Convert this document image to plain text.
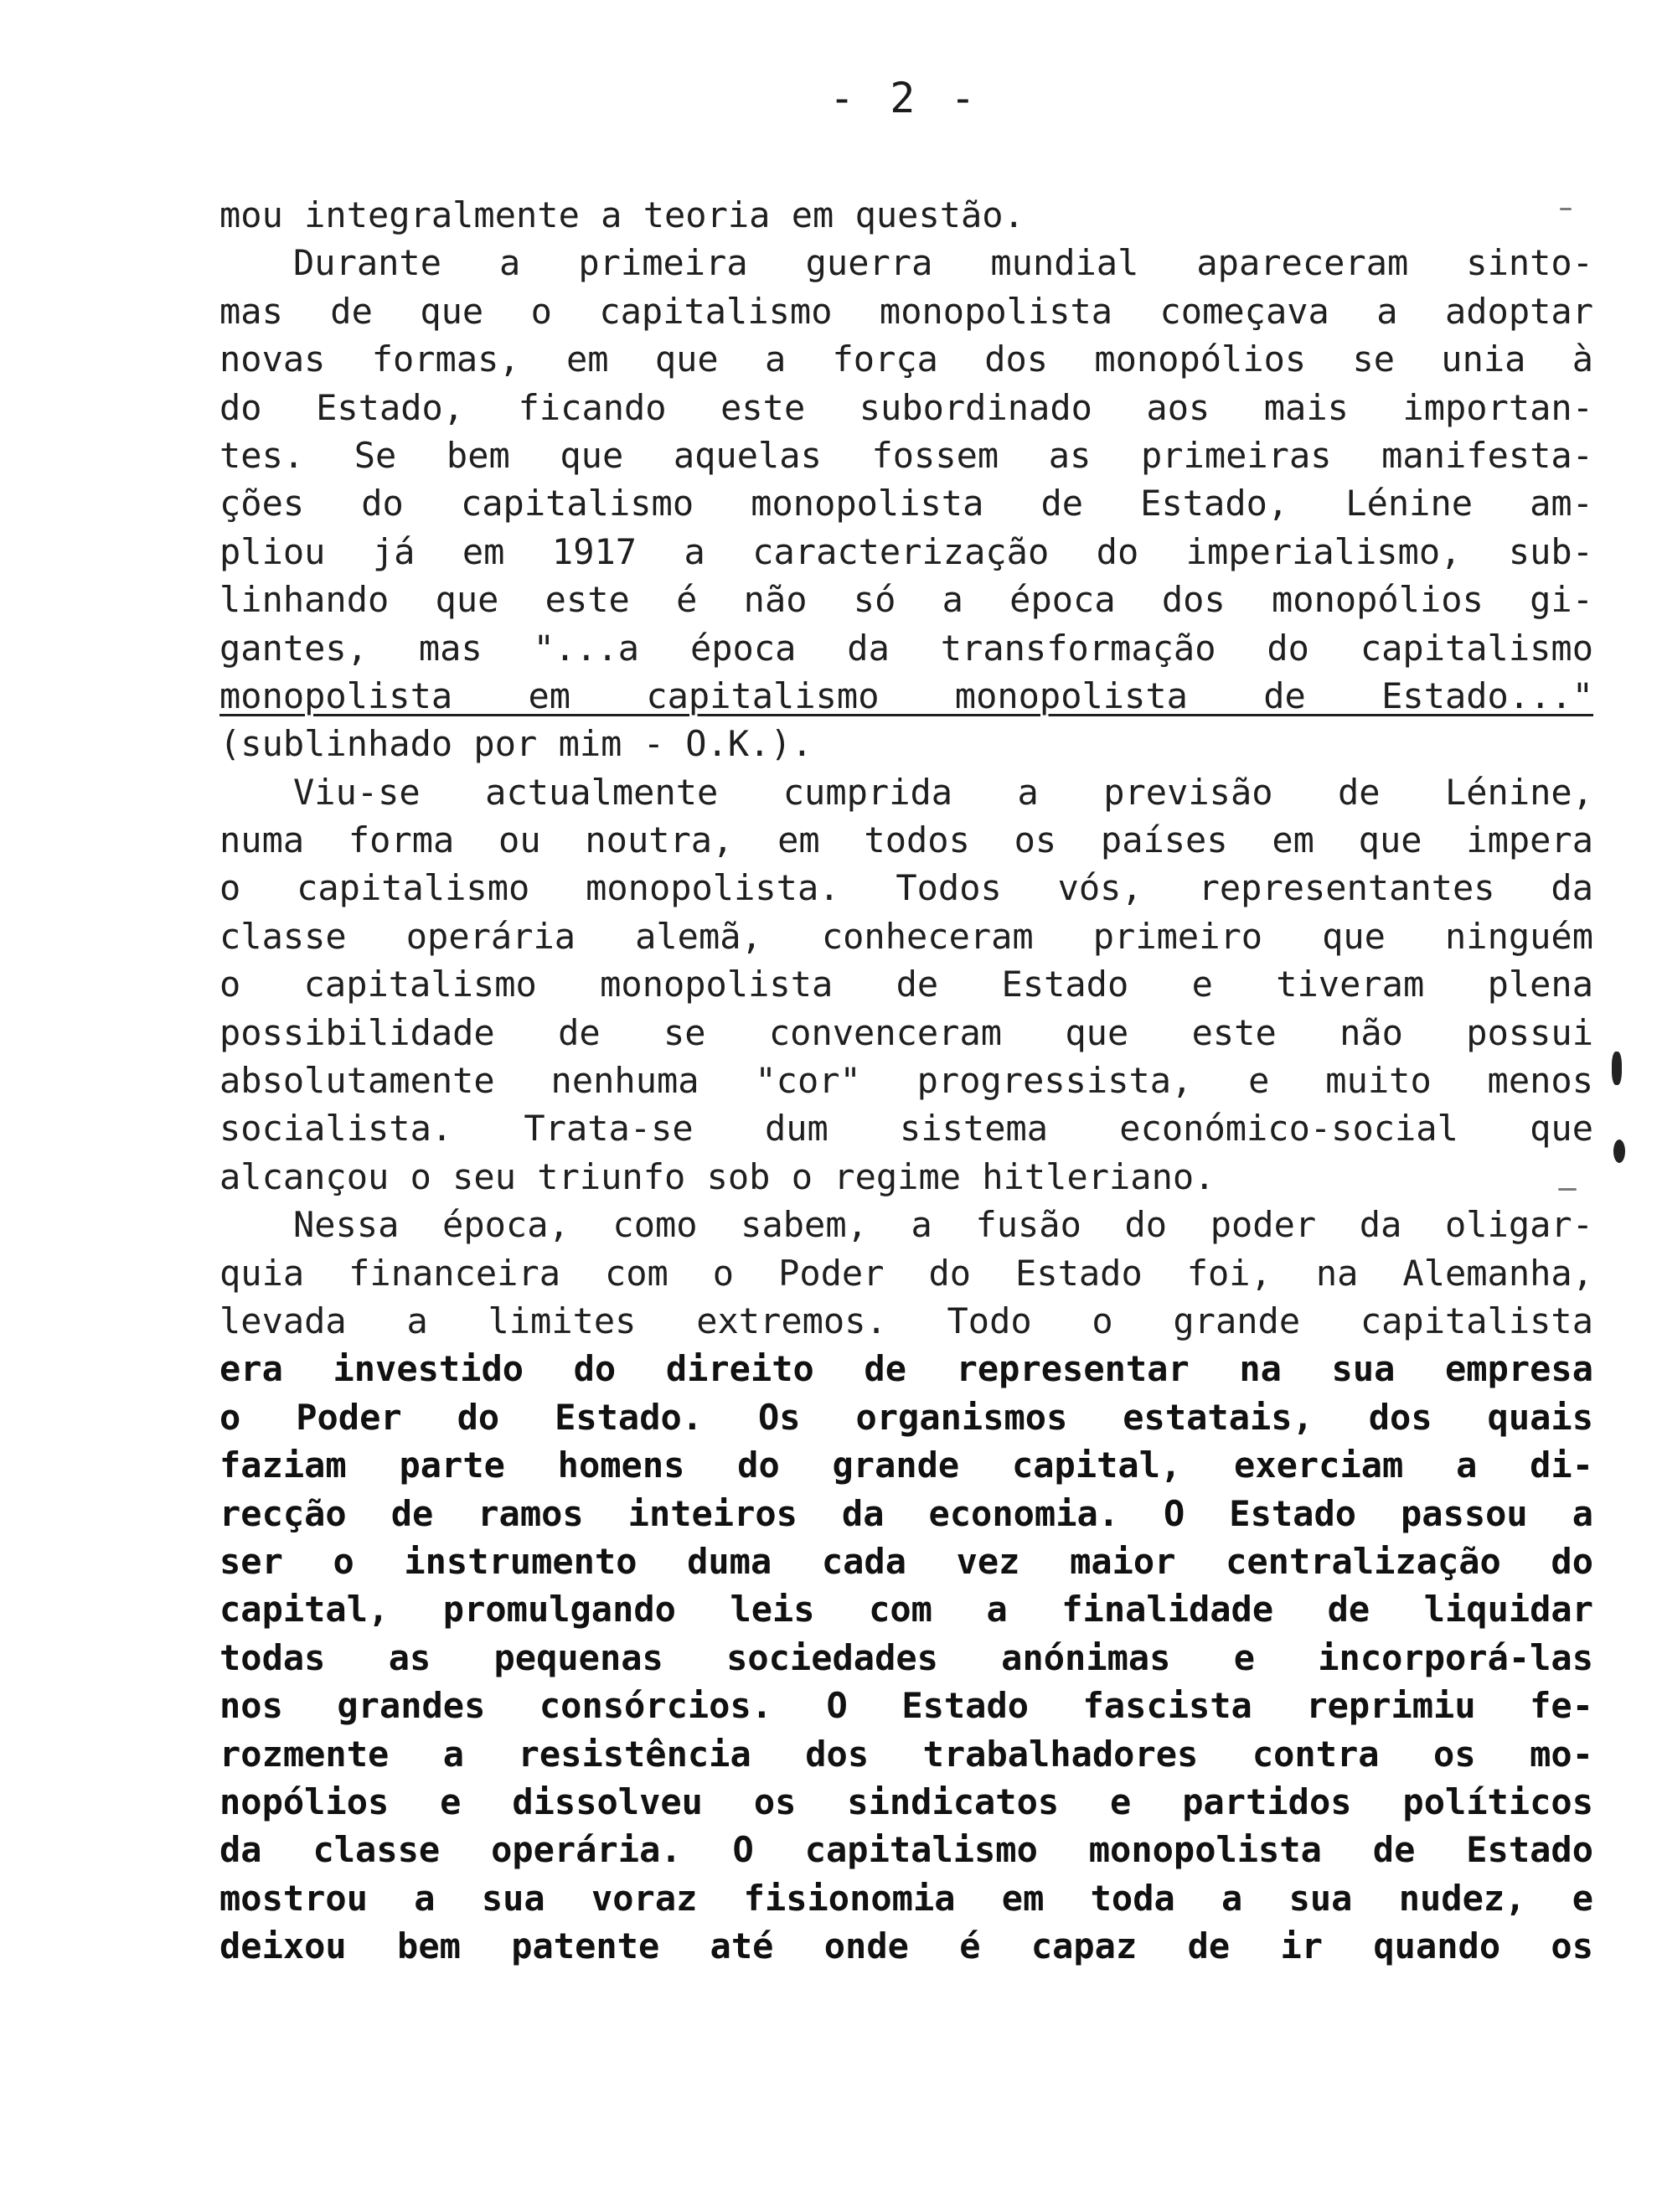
- 2 -
mou integralmente a teoria em questão.
Durante a primeira guerra mundial apareceram sinto-
mas de que o capitalismo monopolista começava a adoptar
novas formas, em que a força dos monopólios se unia à
do Estado, ficando este subordinado aos mais importan-
tes. Se bem que aquelas fossem as primeiras manifesta-
ções do capitalismo monopolista de Estado, Lénine am-
pliou já em 1917 a caracterização do imperialismo, sub-
linhando que este é não só a época dos monopólios gi-
gantes, mas "...a época da transformação do capitalismo
monopolista em capitalismo monopolista de Estado..."
(sublinhado por mim - O.K.).
Viu-se actualmente cumprida a previsão de Lénine,
numa forma ou noutra, em todos os países em que impera
o capitalismo monopolista. Todos vós, representantes da
classe operária alemã, conheceram primeiro que ninguém
o capitalismo monopolista de Estado e tiveram plena
possibilidade de se convenceram que este não possui
absolutamente nenhuma "cor" progressista, e muito menos
socialista. Trata-se dum sistema económico-social que
alcançou o seu triunfo sob o regime hitleriano.
Nessa época, como sabem, a fusão do poder da oligar-
quia financeira com o Poder do Estado foi, na Alemanha,
levada a limites extremos. Todo o grande capitalista
era investido do direito de representar na sua empresa
o Poder do Estado. Os organismos estatais, dos quais
faziam parte homens do grande capital, exerciam a di-
recção de ramos inteiros da economia. O Estado passou a
ser o instrumento duma cada vez maior centralização do
capital, promulgando leis com a finalidade de liquidar
todas as pequenas sociedades anónimas e incorporá-las
nos grandes consórcios. O Estado fascista reprimiu fe-
rozmente a resistência dos trabalhadores contra os mo-
nopólios e dissolveu os sindicatos e partidos políticos
da classe operária. O capitalismo monopolista de Estado
mostrou a sua voraz fisionomia em toda a sua nudez, e
deixou bem patente até onde é capaz de ir quando os
